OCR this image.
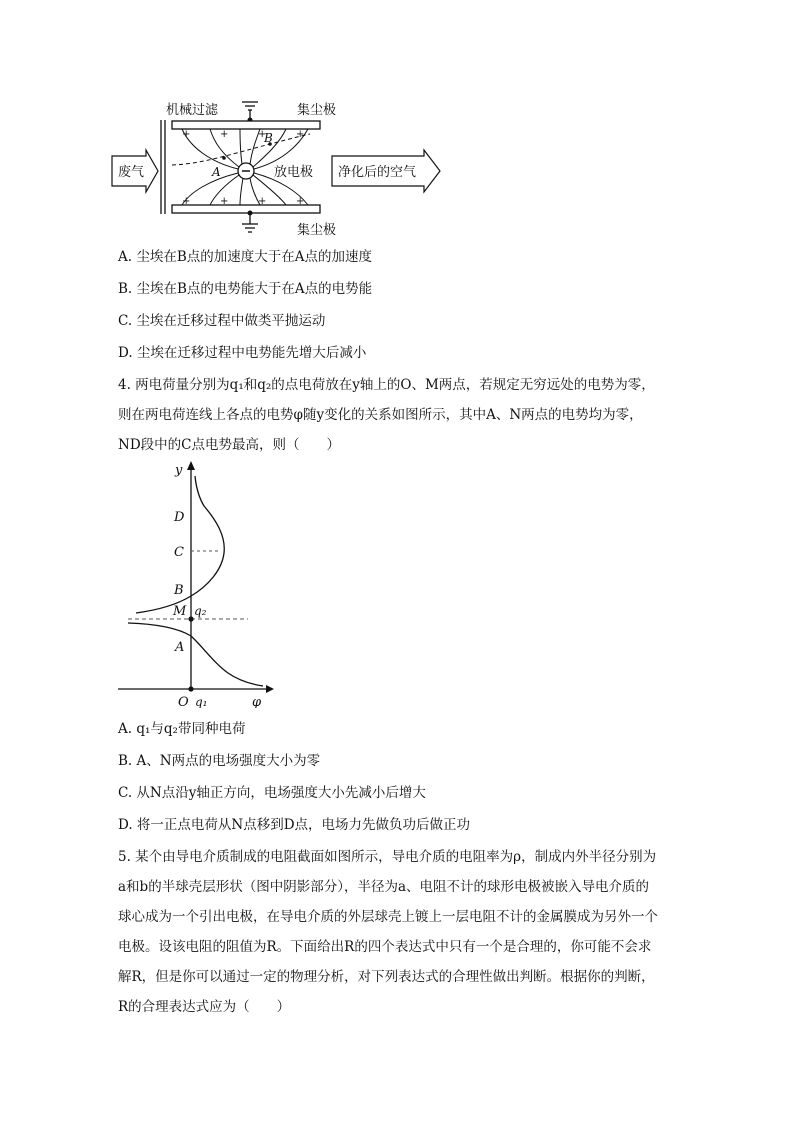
+	+	+	+
+	+	+	+
机械过滤	集尘极
集尘极
废气	放电极 净化后的空气
A
B
A. 尘埃在B点的加速度大于在A点的加速度
B. 尘埃在B点的电势能大于在A点的电势能
C. 尘埃在迁移过程中做类平抛运动
D. 尘埃在迁移过程中电势能先增大后减小
4. 两电荷量分别为q₁和q₂的点电荷放在y轴上的O、M两点，若规定无穷远处的电势为零，
则在两电荷连线上各点的电势φ随y变化的关系如图所示，其中A、N两点的电势均为零，
ND段中的C点电势最高，则（　　）
y
φ
D
C
B
M q₂
A
O q₁
A. q₁与q₂带同种电荷
B. A、N两点的电场强度大小为零
C. 从N点沿y轴正方向，电场强度大小先减小后增大
D. 将一正点电荷从N点移到D点，电场力先做负功后做正功
5. 某个由导电介质制成的电阻截面如图所示，导电介质的电阻率为ρ，制成内外半径分别为
a和b的半球壳层形状（图中阴影部分），半径为a、电阻不计的球形电极被嵌入导电介质的
球心成为一个引出电极，在导电介质的外层球壳上镀上一层电阻不计的金属膜成为另外一个
电极。设该电阻的阻值为R。下面给出R的四个表达式中只有一个是合理的，你可能不会求
解R，但是你可以通过一定的物理分析，对下列表达式的合理性做出判断。根据你的判断，
R的合理表达式应为（　　）
